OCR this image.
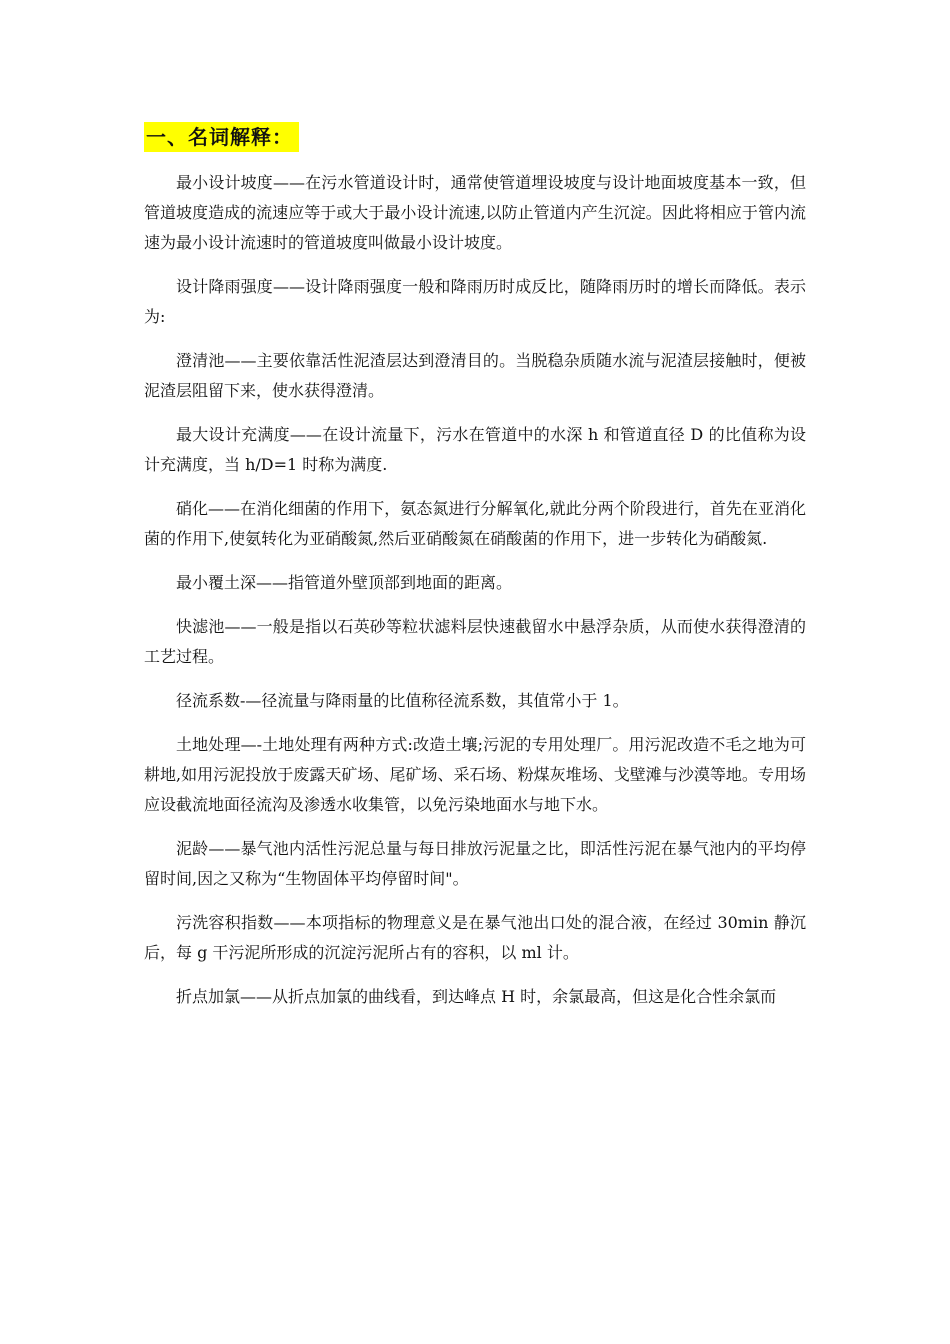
一、名词解释：

最小设计坡度——在污水管道设计时，通常使管道埋设坡度与设计地面坡度基本一致，但管道坡度造成的流速应等于或大于最小设计流速,以防止管道内产生沉淀。因此将相应于管内流速为最小设计流速时的管道坡度叫做最小设计坡度。

设计降雨强度——设计降雨强度一般和降雨历时成反比，随降雨历时的增长而降低。表示为:

澄清池——主要依靠活性泥渣层达到澄清目的。当脱稳杂质随水流与泥渣层接触时，便被泥渣层阻留下来，使水获得澄清。

最大设计充满度——在设计流量下，污水在管道中的水深 h 和管道直径 D 的比值称为设计充满度，当 h/D=1 时称为满度.

硝化——在消化细菌的作用下，氨态氮进行分解氧化,就此分两个阶段进行，首先在亚消化菌的作用下,使氨转化为亚硝酸氮,然后亚硝酸氮在硝酸菌的作用下，进一步转化为硝酸氮.

最小覆土深——指管道外壁顶部到地面的距离。

快滤池——一般是指以石英砂等粒状滤料层快速截留水中悬浮杂质，从而使水获得澄清的工艺过程。

径流系数-—径流量与降雨量的比值称径流系数，其值常小于 1。

土地处理—-土地处理有两种方式:改造土壤;污泥的专用处理厂。用污泥改造不毛之地为可耕地,如用污泥投放于废露天矿场、尾矿场、采石场、粉煤灰堆场、戈壁滩与沙漠等地。专用场应设截流地面径流沟及渗透水收集管，以免污染地面水与地下水。

泥龄——暴气池内活性污泥总量与每日排放污泥量之比，即活性污泥在暴气池内的平均停留时间,因之又称为“生物固体平均停留时间"。

污洗容积指数——本项指标的物理意义是在暴气池出口处的混合液，在经过 30min 静沉后，每 g 干污泥所形成的沉淀污泥所占有的容积，以 ml 计。

折点加氯——从折点加氯的曲线看，到达峰点 H 时，余氯最高，但这是化合性余氯而
